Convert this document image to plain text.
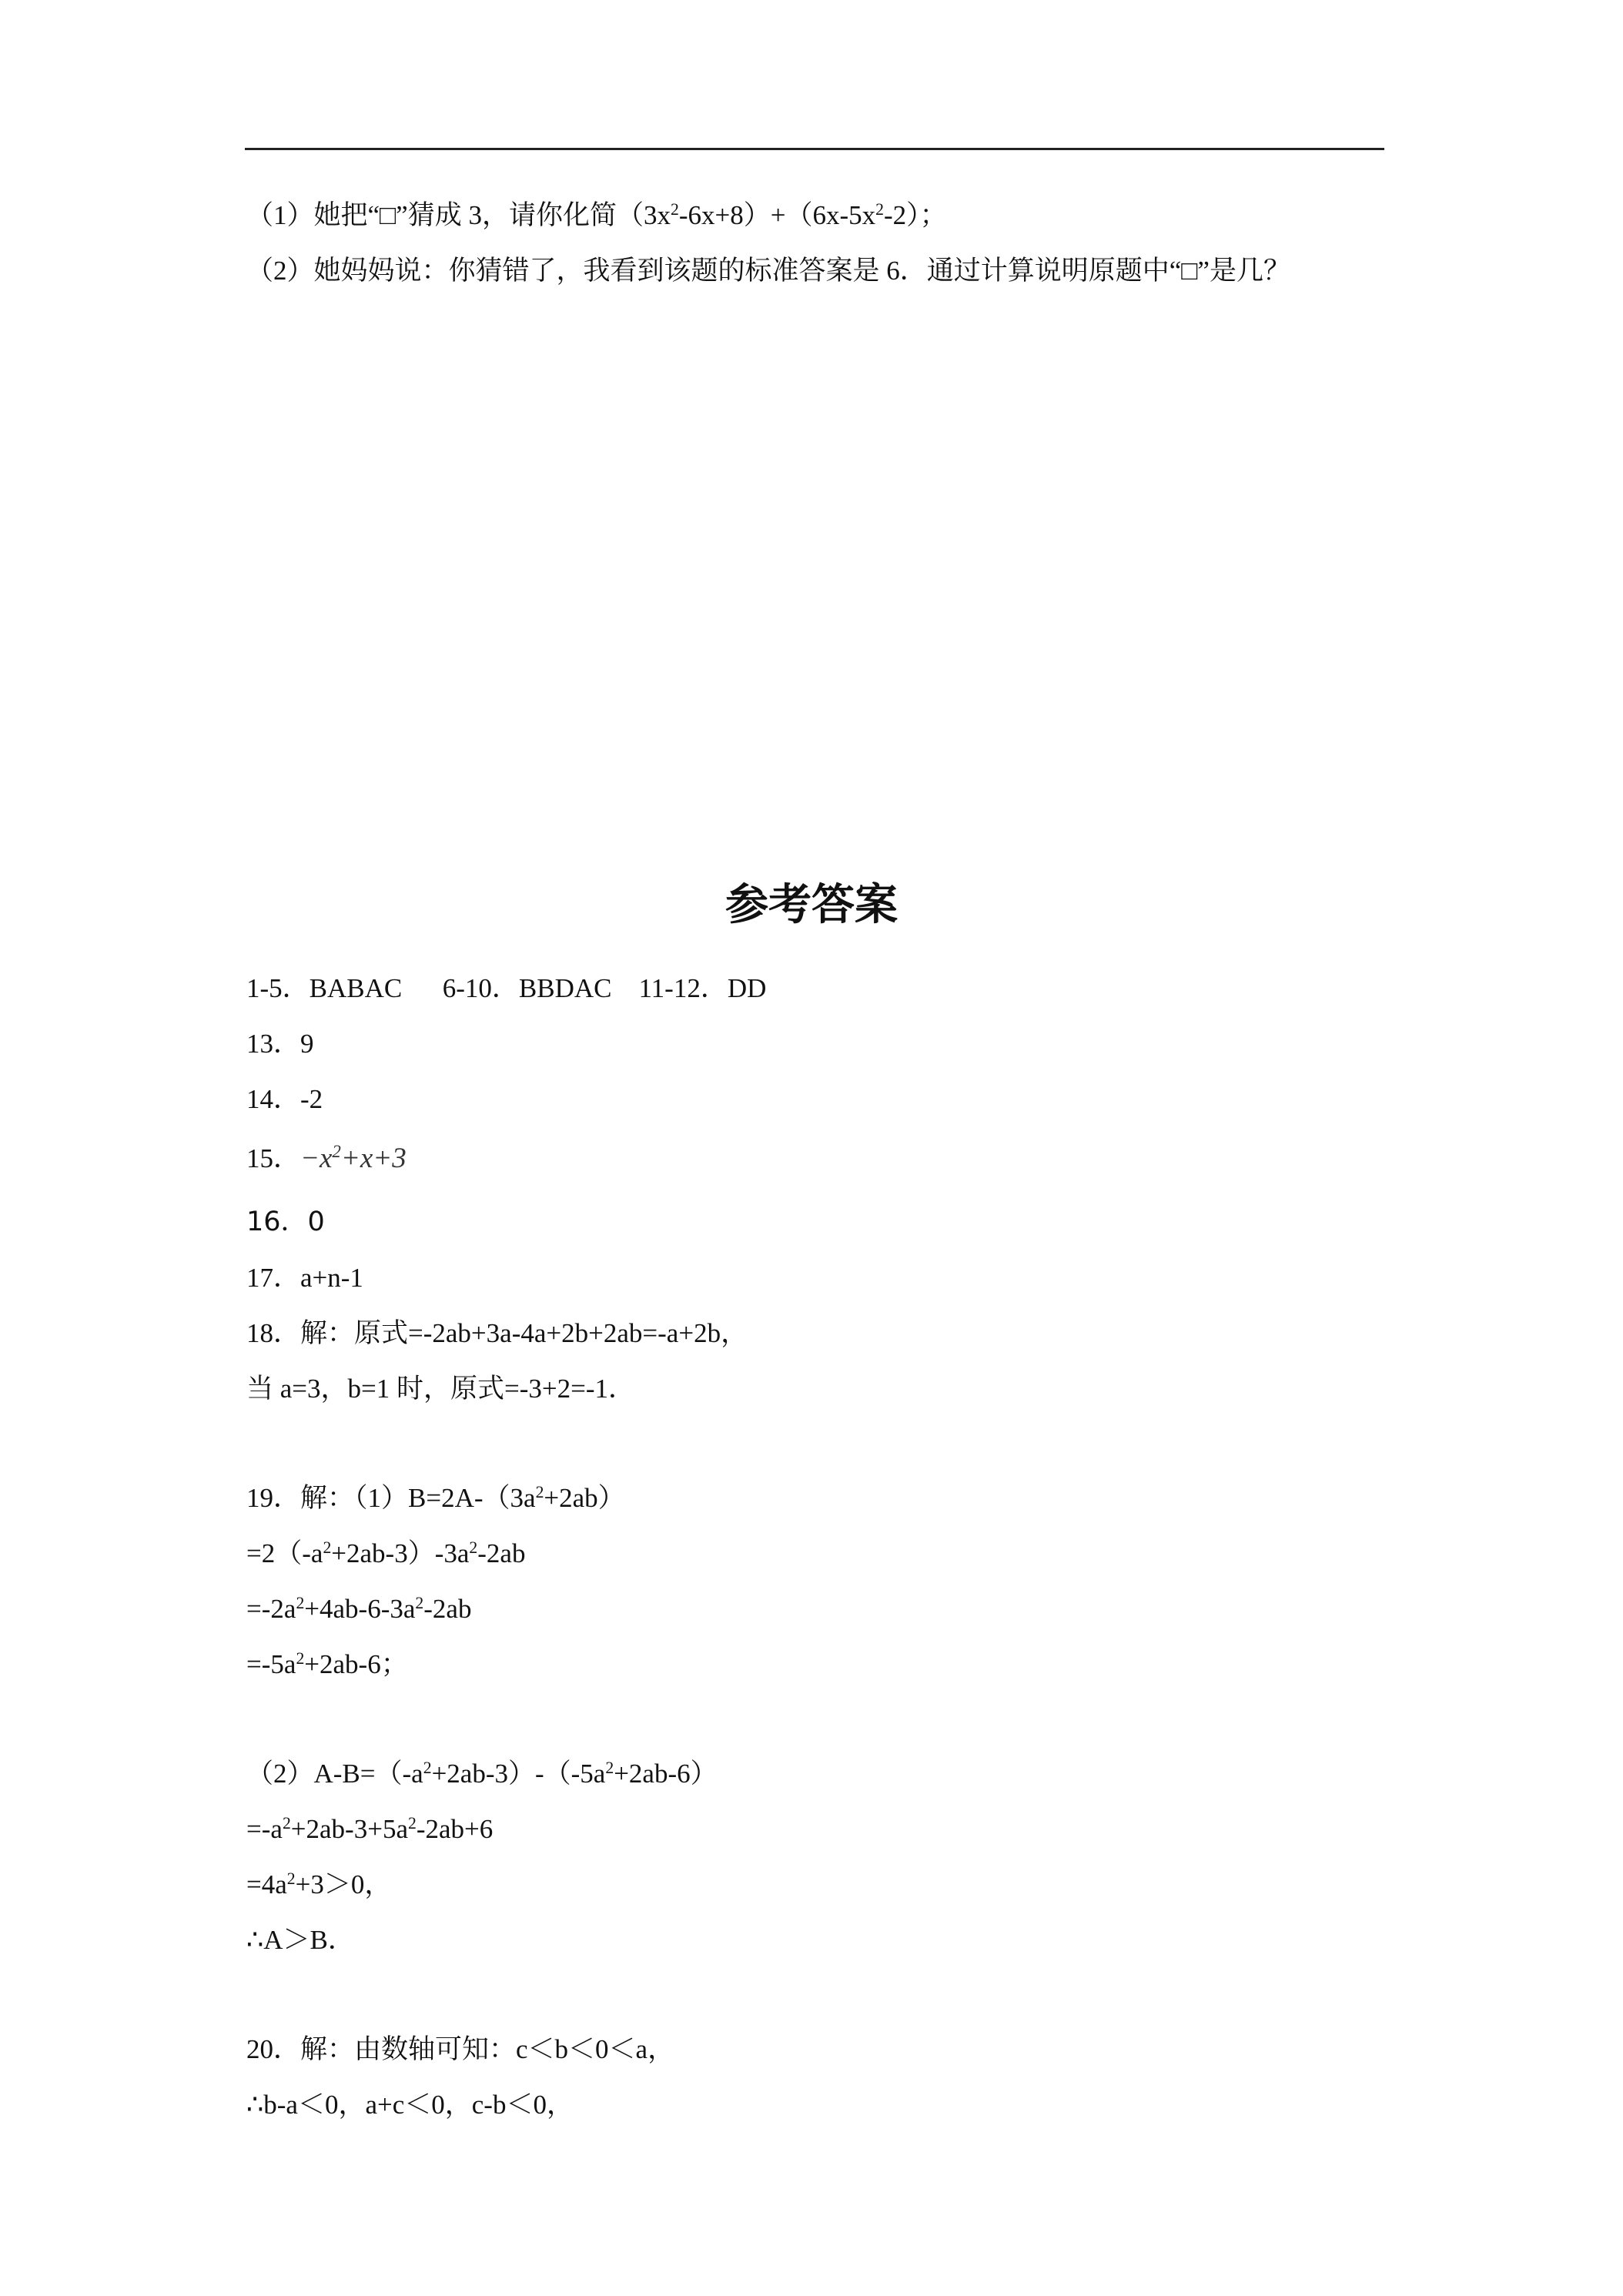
（1）她把“□”猜成 3，请你化简$(3x^2-6x+8)+(6x-5x^2-2)$；
（2）她妈妈说：你猜错了，我看到该题的标准答案是 6．通过计算说明原题中“□”是几？
参考答案
1-5．BABAC      6-10．BBDAC    11-12．DD
13．9
14．-2
15．$-x^2+x+3$
16．0
17．a+n-1
18．解：原式=-2ab+3a-4a+2b+2ab=-a+2b，
当 a=3，b=1 时，原式=-3+2=-1．
19．解：$(1)B=2A-(3a^2+2ab)$
$=2(-a^2+2ab-3)-3a^2-2ab$
$=-2a^2+4ab-6-3a^2-2ab$
$=-5a^2+2ab-6$；
$(2)A-B=(-a^2+2ab-3)-(-5a^2+2ab-6)$
$=-a^2+2ab-3+5a^2-2ab+6$
$=4a^2+3>0$，
∴A＞B．
20．解：由数轴可知：c＜b＜0＜a，
∴b-a＜0，a+c＜0，c-b＜0，
